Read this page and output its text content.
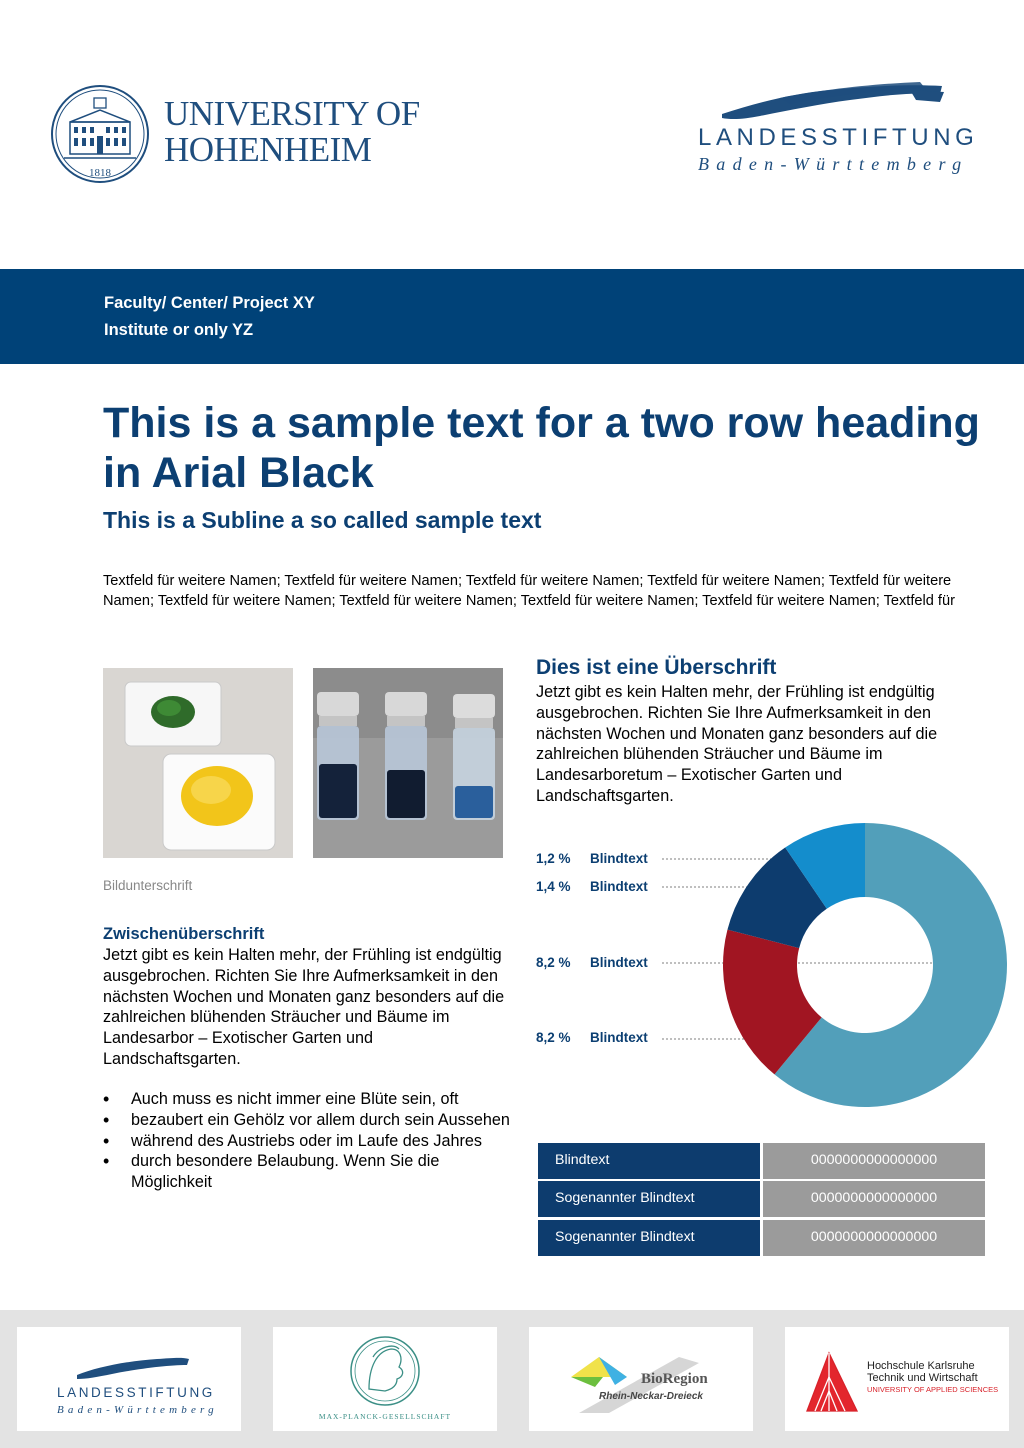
1818
UNIVERSITY OF
HOHENHEIM	LANDESSTIFTUNG
Baden-Württemberg
Faculty/ Center/ Project XY
Institute or only YZ
This is a sample text for a two row heading in Arial Black
This is a Subline a so called sample text
Textfeld für weitere Namen; Textfeld für weitere Namen; Textfeld für weitere Namen; Textfeld für weitere Namen; Textfeld für weitere Namen; Textfeld für weitere Namen; Textfeld für weitere Namen; Textfeld für weitere Namen; Textfeld für weitere Namen; Textfeld für
Bildunterschrift
Zwischenüberschrift
Jetzt gibt es kein Halten mehr, der Frühling ist endgültig ausgebrochen. Richten Sie Ihre Aufmerksamkeit in den nächsten Wochen und Monaten ganz besonders auf die zahlreichen blühenden Sträucher und Bäume im Landesarbor – Exotischer Garten und Landschaftsgarten.
• Auch muss es nicht immer eine Blüte sein, oft
• bezaubert ein Gehölz vor allem durch sein Aussehen
• während des Austriebs oder im Laufe des Jahres
• durch besondere Belaubung. Wenn Sie die Möglichkeit
Dies ist eine Überschrift
Jetzt gibt es kein Halten mehr, der Frühling ist endgültig ausgebrochen. Richten Sie Ihre Aufmerksamkeit in den nächsten Wochen und Monaten ganz besonders auf die zahlreichen blühenden Sträucher und Bäume im Landesarboretum – Exotischer Garten und Landschaftsgarten.
1,2 % Blindtext
1,4 % Blindtext
8,2 % Blindtext
8,2 % Blindtext
Blindtext	0000000000000000
Sogenannter Blindtext	0000000000000000
Sogenannter Blindtext	0000000000000000
LANDESSTIFTUNG
Baden-Württemberg
MAX-PLANCK-GESELLSCHAFT
BioRegion
Rhein-Neckar-Dreieck
Hochschule Karlsruhe
Technik und Wirtschaft
UNIVERSITY OF APPLIED SCIENCES
